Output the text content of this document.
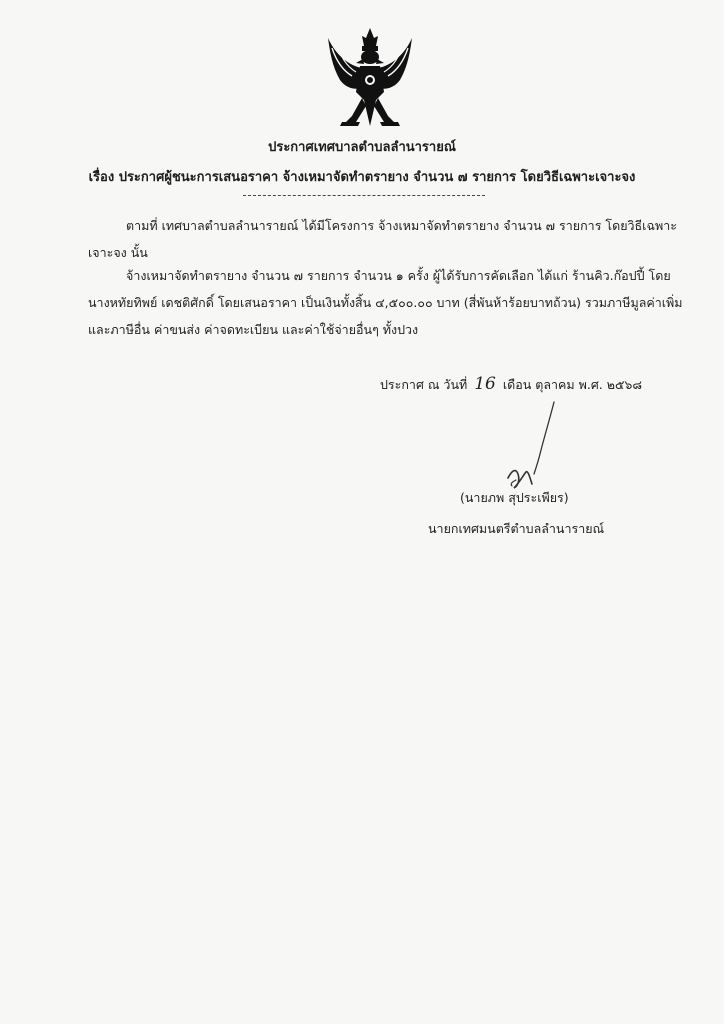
ประกาศเทศบาลตำบลลำนารายณ์
เรื่อง ประกาศผู้ชนะการเสนอราคา จ้างเหมาจัดทำตรายาง จำนวน ๗ รายการ โดยวิธีเฉพาะเจาะจง

ตามที่ เทศบาลตำบลลำนารายณ์ ได้มีโครงการ จ้างเหมาจัดทำตรายาง จำนวน ๗ รายการ โดยวิธีเฉพาะ
เจาะจง นั้น

จ้างเหมาจัดทำตรายาง จำนวน ๗ รายการ จำนวน ๑ ครั้ง ผู้ได้รับการคัดเลือก ได้แก่ ร้านคิว.ก๊อปปี้ โดย
นางหทัยทิพย์ เดชติศักดิ์ โดยเสนอราคา เป็นเงินทั้งสิ้น ๔,๕๐๐.๐๐ บาท (สี่พันห้าร้อยบาทถ้วน) รวมภาษีมูลค่าเพิ่ม
และภาษีอื่น ค่าขนส่ง ค่าจดทะเบียน และค่าใช้จ่ายอื่นๆ ทั้งปวง

ประกาศ ณ วันที่ 16 เดือน ตุลาคม พ.ศ. ๒๕๖๘
(นายภพ สุประเพียร)
นายกเทศมนตรีตำบลลำนารายณ์
